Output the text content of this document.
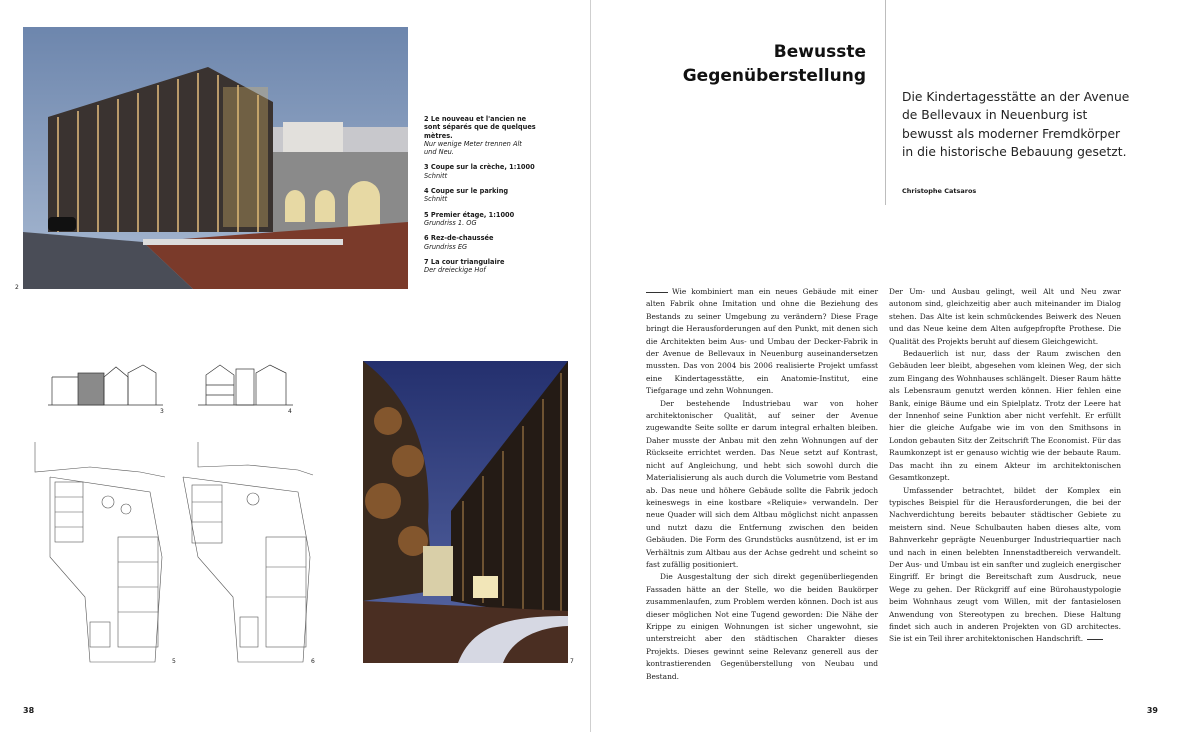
2
2 Le nouveau et l'ancien ne sont séparés que de quelques mètres.
Nur wenige Meter trennen Alt und Neu.
3 Coupe sur la crèche, 1:1000
Schnitt
4 Coupe sur le parking
Schnitt
5 Premier étage, 1:1000
Grundriss 1. OG
6 Rez-de-chaussée
Grundriss EG
7 La cour triangulaire
Der dreieckige Hof
3	4
5	6	7
38
Bewusste
Gegenüberstellung
Die Kindertagesstätte an der Avenue de Bellevaux in Neuenburg ist bewusst als moderner Fremdkörper in die historische Bebauung gesetzt.
Christophe Catsaros

Wie kombiniert man ein neues Gebäude mit einer alten Fabrik ohne Imitation und ohne die Beziehung des Bestands zu seiner Umgebung zu verändern? Diese Frage bringt die Herausforderungen auf den Punkt, mit denen sich die Architekten beim Aus- und Umbau der Decker-Fabrik in der Avenue de Bellevaux in Neuenburg auseinandersetzen mussten. Das von 2004 bis 2006 realisierte Projekt umfasst eine Kindertagesstätte, ein Anatomie-Institut, eine Tiefgarage und zehn Wohnungen.

Der bestehende Industriebau war von hoher architektonischer Qualität, auf seiner der Avenue zugewandte Seite sollte er darum integral erhalten bleiben. Daher musste der Anbau mit den zehn Wohnungen auf der Rückseite errichtet werden. Das Neue setzt auf Kontrast, nicht auf Angleichung, und hebt sich sowohl durch die Materialisierung als auch durch die Volumetrie vom Bestand ab. Das neue und höhere Gebäude sollte die Fabrik jedoch keineswegs in eine kostbare «Reliquie» verwandeln. Der neue Quader will sich dem Altbau möglichst nicht anpassen und nutzt dazu die Entfernung zwischen den beiden Gebäuden. Die Form des Grundstücks ausnützend, ist er im Verhältnis zum Altbau aus der Achse gedreht und scheint so fast zufällig positioniert.

Die Ausgestaltung der sich direkt gegenüberliegenden Fassaden hätte an der Stelle, wo die beiden Baukörper zusammenlaufen, zum Problem werden können. Doch ist aus dieser möglichen Not eine Tugend geworden: Die Nähe der Krippe zu einigen Wohnungen ist sicher ungewohnt, sie unterstreicht aber den städtischen Charakter dieses Projekts. Dieses gewinnt seine Relevanz generell aus der kontrastierenden Gegenüberstellung von Neubau und Bestand.

Der Um- und Ausbau gelingt, weil Alt und Neu zwar autonom sind, gleichzeitig aber auch miteinander im Dialog stehen. Das Alte ist kein schmückendes Beiwerk des Neuen und das Neue keine dem Alten aufgepfropfte Prothese. Die Qualität des Projekts beruht auf diesem Gleichgewicht.

Bedauerlich ist nur, dass der Raum zwischen den Gebäuden leer bleibt, abgesehen vom kleinen Weg, der sich zum Eingang des Wohnhauses schlängelt. Dieser Raum hätte als Lebensraum genutzt werden können. Hier fehlen eine Bank, einige Bäume und ein Spielplatz. Trotz der Leere hat der Innenhof seine Funktion aber nicht verfehlt. Er erfüllt hier die gleiche Aufgabe wie im von den Smithsons in London gebauten Sitz der Zeitschrift The Economist. Für das Raumkonzept ist er genauso wichtig wie der bebaute Raum. Das macht ihn zu einem Akteur im architektonischen Gesamtkonzept.

Umfassender betrachtet, bildet der Komplex ein typisches Beispiel für die Herausforderungen, die bei der Nachverdichtung bereits bebauter städtischer Gebiete zu meistern sind. Neue Schulbauten haben dieses alte, vom Bahnverkehr geprägte Neuenburger Industriequartier nach und nach in einen belebten Innenstadtbereich verwandelt. Der Aus- und Umbau ist ein sanfter und zugleich energischer Eingriff. Er bringt die Bereitschaft zum Ausdruck, neue Wege zu gehen. Der Rückgriff auf eine Bürohaustypologie beim Wohnhaus zeugt vom Willen, mit der fantasielosen Anwendung von Stereotypen zu brechen. Diese Haltung findet sich auch in anderen Projekten von GD architectes. Sie ist ein Teil ihrer architektonischen Handschrift.

39
